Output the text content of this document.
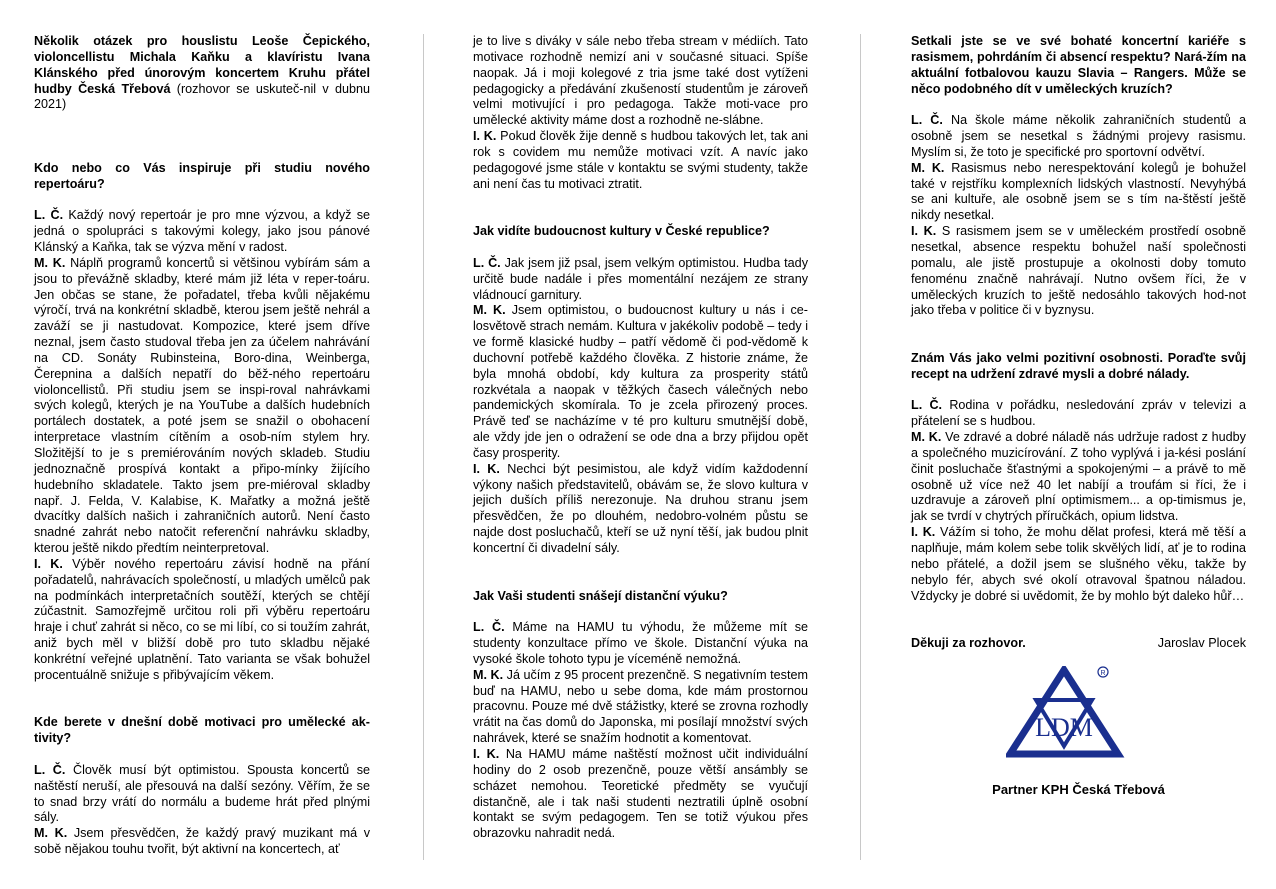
Několik otázek pro houslistu Leoše Čepického, violoncellistu Michala Kaňku a klavíristu Ivana Klánského před únorovým koncertem Kruhu přátel hudby Česká Třebová (rozhovor se uskuteč-nil v dubnu 2021)

Kdo nebo co Vás inspiruje při studiu nového repertoáru?

L. Č. Každý nový repertoár je pro mne výzvou, a když se jedná o spolupráci s takovými kolegy, jako jsou pánové Klánský a Kaňka, tak se výzva mění v radost.

M. K. Náplň programů koncertů si většinou vybírám sám a jsou to převážně skladby, které mám již léta v reper-toáru. Jen občas se stane, že pořadatel, třeba kvůli nějakému výročí, trvá na konkrétní skladbě, kterou jsem ještě nehrál a zaváží se ji nastudovat. Kompozice, které jsem dříve neznal, jsem často studoval třeba jen za účelem nahrávání na CD. Sonáty Rubinsteina, Boro-dina, Weinberga, Čerepnina a dalších nepatří do běž-ného repertoáru violoncellistů. Při studiu jsem se inspi-roval nahrávkami svých kolegů, kterých je na YouTube a dalších hudebních portálech dostatek, a poté jsem se snažil o obohacení interpretace vlastním cítěním a osob-ním stylem hry. Složitější to je s premiérováním nových skladeb. Studiu jednoznačně prospívá kontakt a připo-mínky žijícího hudebního skladatele. Takto jsem pre-miéroval skladby např. J. Felda, V. Kalabise, K. Mařatky a možná ještě dvacítky dalších našich i zahraničních autorů. Není často snadné zahrát nebo natočit referenční nahrávku skladby, kterou ještě nikdo předtím neinterpretoval.

I. K. Výběr nového repertoáru závisí hodně na přání pořadatelů, nahrávacích společností, u mladých umělců pak na podmínkách interpretačních soutěží, kterých se chtějí zúčastnit. Samozřejmě určitou roli při výběru repertoáru hraje i chuť zahrát si něco, co se mi líbí, co si toužím zahrát, aniž bych měl v bližší době pro tuto skladbu nějaké konkrétní veřejné uplatnění. Tato varianta se však bohužel procentuálně snižuje s přibývajícím věkem.

Kde berete v dnešní době motivaci pro umělecké ak-tivity?

L. Č. Člověk musí být optimistou. Spousta koncertů se naštěstí neruší, ale přesouvá na další sezóny. Věřím, že se to snad brzy vrátí do normálu a budeme hrát před plnými sály.

M. K. Jsem přesvědčen, že každý pravý muzikant má v sobě nějakou touhu tvořit, být aktivní na koncertech, ať

je to live s diváky v sále nebo třeba stream v médiích. Tato motivace rozhodně nemizí ani v současné situaci. Spíše naopak. Já i moji kolegové z tria jsme také dost vytíženi pedagogicky a předávání zkušeností studentům je zároveň velmi motivující i pro pedagoga. Takže moti-vace pro umělecké aktivity máme dost a rozhodně ne-slábne.

I. K. Pokud člověk žije denně s hudbou takových let, tak ani rok s covidem mu nemůže motivaci vzít. A navíc jako pedagogové jsme stále v kontaktu se svými studenty, takže ani není čas tu motivaci ztratit.

Jak vidíte budoucnost kultury v České republice?

L. Č. Jak jsem již psal, jsem velkým optimistou. Hudba tady určitě bude nadále i přes momentální nezájem ze strany vládnoucí garnitury.

M. K. Jsem optimistou, o budoucnost kultury u nás i ce-losvětově strach nemám. Kultura v jakékoliv podobě – tedy i ve formě klasické hudby – patří vědomě či pod-vědomě k duchovní potřebě každého člověka. Z historie známe, že byla mnohá období, kdy kultura za prosperity států rozkvétala a naopak v těžkých časech válečných nebo pandemických skomírala. To je zcela přirozený proces. Právě teď se nacházíme v té pro kulturu smutnější době, ale vždy jde jen o odražení se ode dna a brzy přijdou opět časy prosperity.

I. K. Nechci být pesimistou, ale když vidím každodenní výkony našich představitelů, obávám se, že slovo kultura v jejich duších příliš nerezonuje. Na druhou stranu jsem přesvědčen, že po dlouhém, nedobro-volném půstu se najde dost posluchačů, kteří se už nyní těší, jak budou plnit koncertní či divadelní sály.

Jak Vaši studenti snášejí distanční výuku?

L. Č. Máme na HAMU tu výhodu, že můžeme mít se studenty konzultace přímo ve škole. Distanční výuka na vysoké škole tohoto typu je víceméně nemožná.

M. K. Já učím z 95 procent prezenčně. S negativním testem buď na HAMU, nebo u sebe doma, kde mám prostornou pracovnu. Pouze mé dvě stážistky, které se zrovna rozhodly vrátit na čas domů do Japonska, mi posílají množství svých nahrávek, které se snažím hodnotit a komentovat.

I. K. Na HAMU máme naštěstí možnost učit individuální hodiny do 2 osob prezenčně, pouze větší ansámbly se scházet nemohou. Teoretické předměty se vyučují distančně, ale i tak naši studenti neztratili úplně osobní kontakt se svým pedagogem. Ten se totiž výukou přes obrazovku nahradit nedá.

Setkali jste se ve své bohaté koncertní kariéře s rasismem, pohrdáním či absencí respektu? Nará-žím na aktuální fotbalovou kauzu Slavia – Rangers. Může se něco podobného dít v uměleckých kruzích?

L. Č. Na škole máme několik zahraničních studentů a osobně jsem se nesetkal s žádnými projevy rasismu. Myslím si, že toto je specifické pro sportovní odvětví.

M. K. Rasismus nebo nerespektování kolegů je bohužel také v rejstříku komplexních lidských vlastností. Nevyhýbá se ani kultuře, ale osobně jsem se s tím na-štěstí ještě nikdy nesetkal.

I. K. S rasismem jsem se v uměleckém prostředí osobně nesetkal, absence respektu bohužel naší společnosti pomalu, ale jistě prostupuje a okolnosti doby tomuto fenoménu značně nahrávají. Nutno ovšem říci, že v uměleckých kruzích to ještě nedosáhlo takových hod-not jako třeba v politice či v byznysu.

Znám Vás jako velmi pozitivní osobnosti. Poraďte svůj recept na udržení zdravé mysli a dobré nálady.

L. Č. Rodina v pořádku, nesledování zpráv v televizi a přátelení se s hudbou.

M. K. Ve zdravé a dobré náladě nás udržuje radost z hudby a společného muzicírování. Z toho vyplývá i ja-kési poslání činit posluchače šťastnými a spokojenými – a právě to mě osobně už více než 40 let nabíjí a troufám si říci, že i uzdravuje a zároveň plní optimismem... a op-timismus je, jak se tvrdí v chytrých příručkách, opium lidstva.

I. K. Vážím si toho, že mohu dělat profesi, která mě těší a naplňuje, mám kolem sebe tolik skvělých lidí, ať je to rodina nebo přátelé, a dožil jsem se slušného věku, takže by nebylo fér, abych své okolí otravoval špatnou náladou. Vždycky je dobré si uvědomit, že by mohlo být daleko hůř…

Děkuji za rozhovor.	Jaroslav Plocek
LDM
R
Partner KPH Česká Třebová
